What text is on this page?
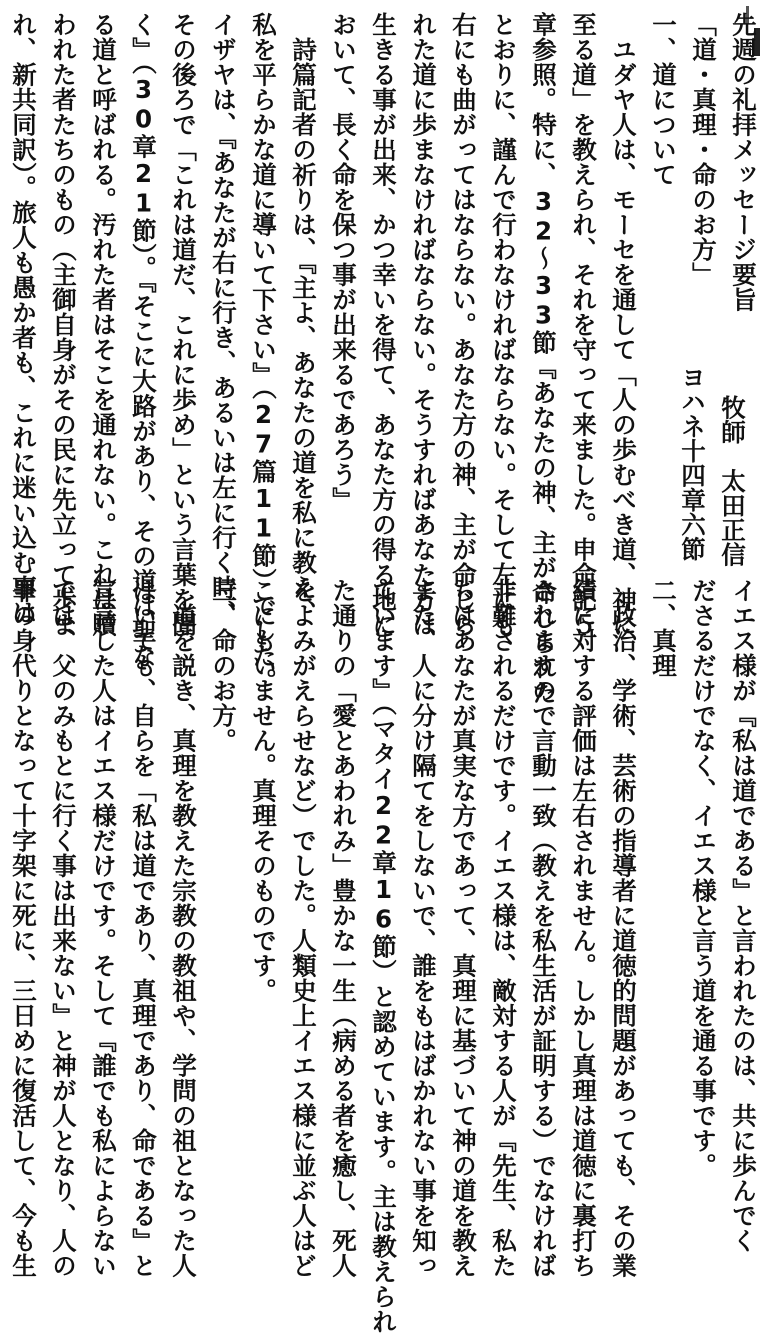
先週の礼拝メッセージ要旨
「道・真理・命のお方」
一、道について
　ユダヤ人は、モーセを通して「人の歩むべき道、神に
至る道」を教えられ、それを守って来ました。申命記５
章参照。特に、32～33節『あなたの神、主が命じられた
とおりに、謹んで行わなければならない。そして左にも
右にも曲がってはならない。あなた方の神、主が命じら
れた道に歩まなければならない。そうすればあなた方は
生きる事が出来、かつ幸いを得て、あなた方の得る地に
おいて、長く命を保つ事が出来るであろう』
　詩篇記者の祈りは、『主よ、あなたの道を私に教え、
私を平らかな道に導いて下さい』（27篇11節）でした。
イザヤは、『あなたが右に行き、あるいは左に行く時、
その後ろで「これは道だ、これに歩め」という言葉を聞
く』（30章21節）。『そこに大路があり、その道は聖な
る道と呼ばれる。汚れた者はそこを通れない。これは贖
われた者たちのもの（主御自身がその民に先立って歩ま
れ、新共同訳）。旅人も愚か者も、これに迷い込む事は
イエス様が『私は道である』と言われたのは、共に歩んでく
ださるだけでなく、イエス様と言う道を通る事です。
二、真理
　政治、学術、芸術の指導者に道徳的問題があっても、その業
績に対する評価は左右されません。しかし真理は道徳に裏打ち
されますので言動一致（教えを私生活が証明する）でなければ
非難されるだけです。イエス様は、敵対する人が『先生、私た
ちはあなたが真実な方であって、真理に基づいて神の道を教え
また、人に分け隔てをしないで、誰をもはばかれない事を知っ
ています』（マタイ22章16節）と認めています。主は教えられ
た通りの「愛とあわれみ」豊かな一生（病める者を癒し、死人
をよみがえらせなど）でした。人類史上イエス様に並ぶ人はど
こにもいません。真理そのものです。
三、命のお方。
　道を説き、真理を教えた宗教の教祖や、学問の祖となった人
はいても、自らを「私は道であり、真理であり、命である』と
宣言した人はイエス様だけです。そして『誰でも私によらない
では、父のみもとに行く事は出来ない』と神が人となり、人の
罪の身代りとなって十字架に死に、三日めに復活して、今も生
牧師　太田正信
ヨハネ十四章六節
